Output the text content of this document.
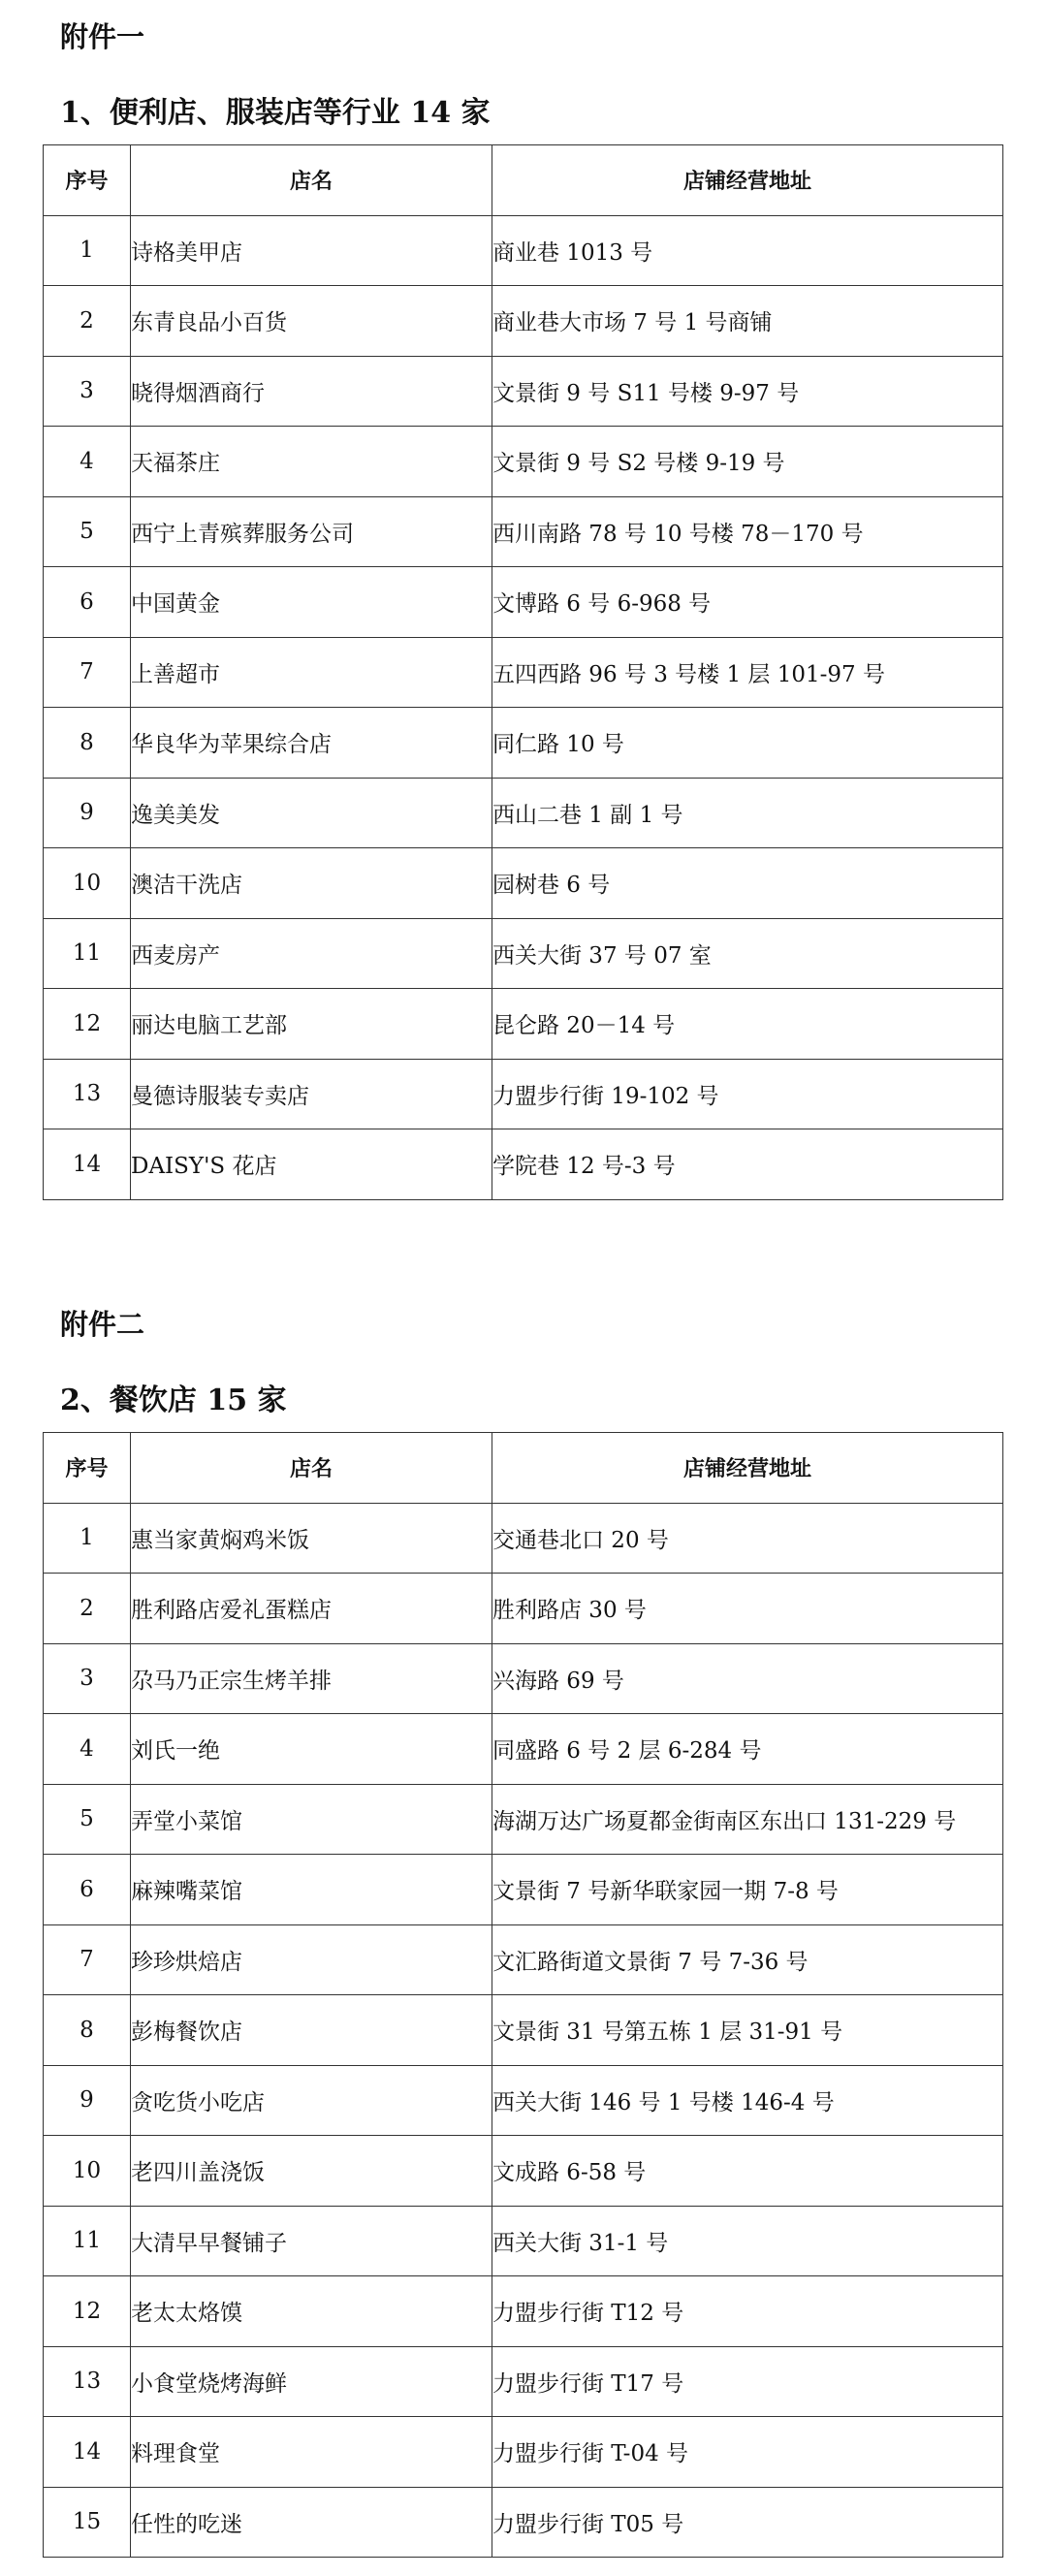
附件一
1、便利店、服装店等行业 14 家
序号	店名	店铺经营地址
1	诗格美甲店	商业巷 1013 号
2	东青良品小百货	商业巷大市场 7 号 1 号商铺
3	晓得烟酒商行	文景街 9 号 S11 号楼 9-97 号
4	天福茶庄	文景街 9 号 S2 号楼 9-19 号
5	西宁上青殡葬服务公司	西川南路 78 号 10 号楼 78－170 号
6	中国黄金	文博路 6 号 6-968 号
7	上善超市	五四西路 96 号 3 号楼 1 层 101-97 号
8	华良华为苹果综合店	同仁路 10 号
9	逸美美发	西山二巷 1 副 1 号
10	澳洁干洗店	园树巷 6 号
11	西麦房产	西关大街 37 号 07 室
12	丽达电脑工艺部	昆仑路 20－14 号
13	曼德诗服装专卖店	力盟步行街 19-102 号
14	DAISY'S 花店	学院巷 12 号-3 号
附件二
2、餐饮店 15 家
序号	店名	店铺经营地址
1	惠当家黄焖鸡米饭	交通巷北口 20 号
2	胜利路店爱礼蛋糕店	胜利路店 30 号
3	尕马乃正宗生烤羊排	兴海路 69 号
4	刘氏一绝	同盛路 6 号 2 层 6-284 号
5	弄堂小菜馆	海湖万达广场夏都金街南区东出口 131-229 号
6	麻辣嘴菜馆	文景街 7 号新华联家园一期 7-8 号
7	珍珍烘焙店	文汇路街道文景街 7 号 7-36 号
8	彭梅餐饮店	文景街 31 号第五栋 1 层 31-91 号
9	贪吃货小吃店	西关大街 146 号 1 号楼 146-4 号
10	老四川盖浇饭	文成路 6-58 号
11	大清早早餐铺子	西关大街 31-1 号
12	老太太烙馍	力盟步行街 T12 号
13	小食堂烧烤海鲜	力盟步行街 T17 号
14	料理食堂	力盟步行街 T-04 号
15	任性的吃迷	力盟步行街 T05 号
